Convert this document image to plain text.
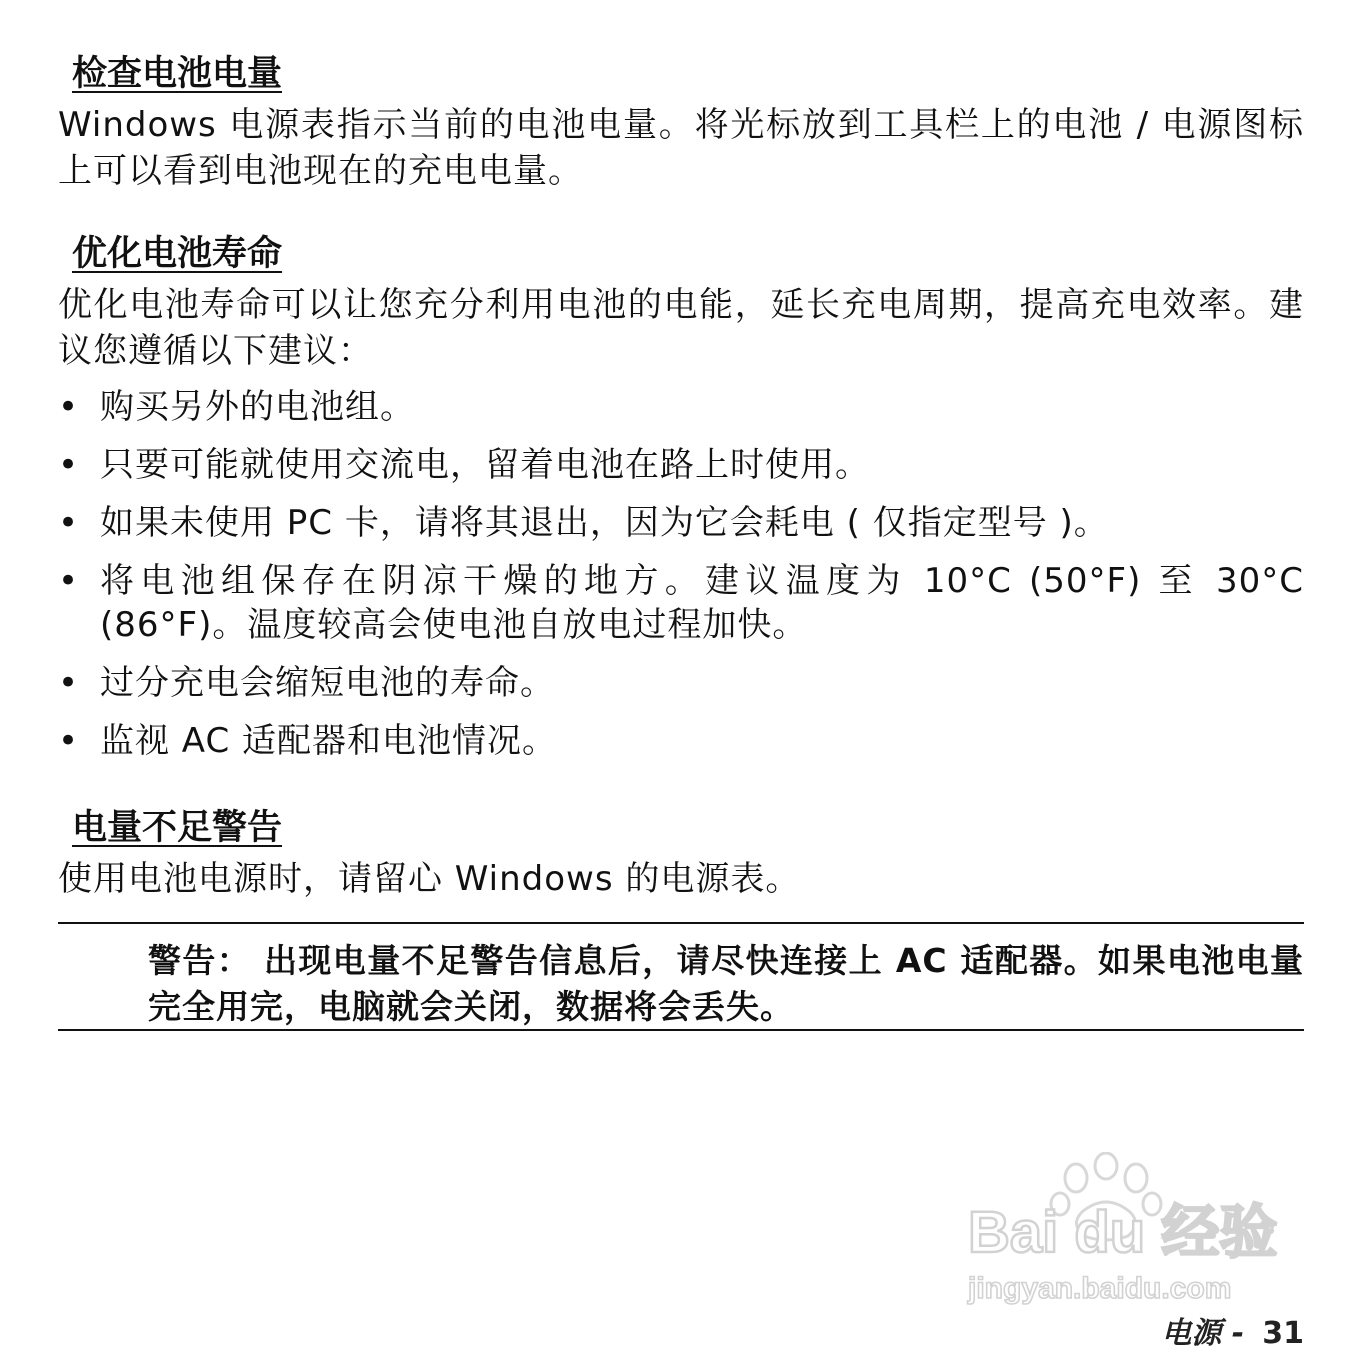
检查电池电量
Windows 电源表指示当前的电池电量。将光标放到工具栏上的电池 / 电源图标上可以看到电池现在的充电电量。
优化电池寿命
优化电池寿命可以让您充分利用电池的电能，延长充电周期，提高充电效率。建议您遵循以下建议：
• 购买另外的电池组。
• 只要可能就使用交流电，留着电池在路上时使用。
• 如果未使用 PC 卡，请将其退出，因为它会耗电 ( 仅指定型号 )。
• 将电池组保存在阴凉干燥的地方。建议温度为 10°C (50°F) 至 30°C (86°F)。温度较高会使电池自放电过程加快。
• 过分充电会缩短电池的寿命。
• 监视 AC 适配器和电池情况。
电量不足警告
使用电池电源时，请留心 Windows 的电源表。
警告： 出现电量不足警告信息后，请尽快连接上 AC 适配器。如果电池电量完全用完，电脑就会关闭，数据将会丢失。
电源 - 31
Bai du 经验
jingyan.baidu.com
